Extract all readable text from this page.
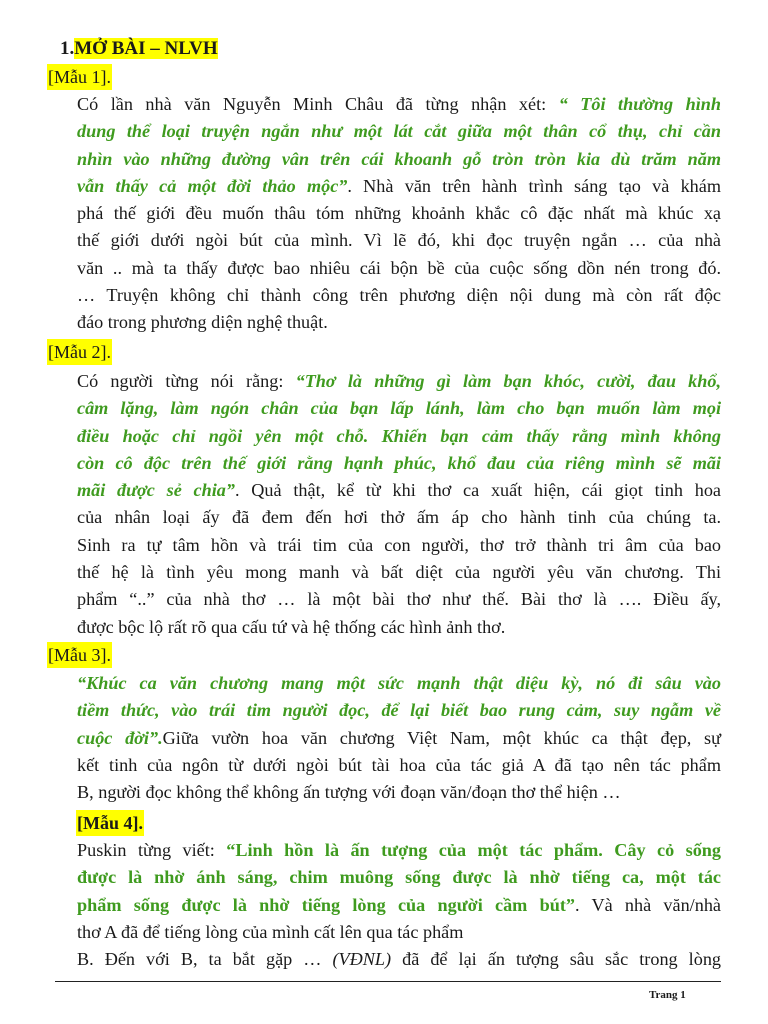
1.MỞ BÀI – NLVH
[Mẫu 1].
Có lần nhà văn Nguyễn Minh Châu đã từng nhận xét: “ Tôi thường hình
dung thể loại truyện ngắn như một lát cắt giữa một thân cổ thụ, chỉ cần
nhìn vào những đường vân trên cái khoanh gỗ tròn tròn kia dù trăm năm
vẫn thấy cả một đời thảo mộc”. Nhà văn trên hành trình sáng tạo và khám
phá thế giới đều muốn thâu tóm những khoảnh khắc cô đặc nhất mà khúc xạ
thế giới dưới ngòi bút của mình. Vì lẽ đó, khi đọc truyện ngắn … của nhà
văn .. mà ta thấy được bao nhiêu cái bộn bề của cuộc sống dồn nén trong đó.
… Truyện không chỉ thành công trên phương diện nội dung mà còn rất độc
đáo trong phương diện nghệ thuật.
[Mẫu 2].
Có người từng nói rằng: “Thơ là những gì làm bạn khóc, cười, đau khổ,
câm lặng, làm ngón chân của bạn lấp lánh, làm cho bạn muốn làm mọi
điều hoặc chỉ ngồi yên một chỗ. Khiến bạn cảm thấy rằng mình không
còn cô độc trên thế giới rằng hạnh phúc, khổ đau của riêng mình sẽ mãi
mãi được sẻ chia”. Quả thật, kể từ khi thơ ca xuất hiện, cái giọt tinh hoa
của nhân loại ấy đã đem đến hơi thở ấm áp cho hành tinh của chúng ta.
Sinh ra tự tâm hồn và trái tim của con người, thơ trở thành tri âm của bao
thế hệ là tình yêu mong manh và bất diệt của người yêu văn chương. Thi
phẩm “..” của nhà thơ … là một bài thơ như thế. Bài thơ là …. Điều ấy,
được bộc lộ rất rõ qua cấu tứ và hệ thống các hình ảnh thơ.
[Mẫu 3].
“Khúc ca văn chương mang một sức mạnh thật diệu kỳ, nó đi sâu vào
tiềm thức, vào trái tim người đọc, để lại biết bao rung cảm, suy ngẫm về
cuộc đời”.Giữa vườn hoa văn chương Việt Nam, một khúc ca thật đẹp, sự
kết tinh của ngôn từ dưới ngòi bút tài hoa của tác giả A đã tạo nên tác phẩm
B, người đọc không thể không ấn tượng với đoạn văn/đoạn thơ thể hiện …
[Mẫu 4].
Puskin từng viết: “Linh hồn là ấn tượng của một tác phẩm. Cây cỏ sống
được là nhờ ánh sáng, chim muông sống được là nhờ tiếng ca, một tác
phẩm sống được là nhờ tiếng lòng của người cầm bút”. Và nhà văn/nhà
thơ A đã để tiếng lòng của mình cất lên qua tác phẩm
B. Đến với B, ta bắt gặp … (VĐNL) đã để lại ấn tượng sâu sắc trong lòng
Trang 1
